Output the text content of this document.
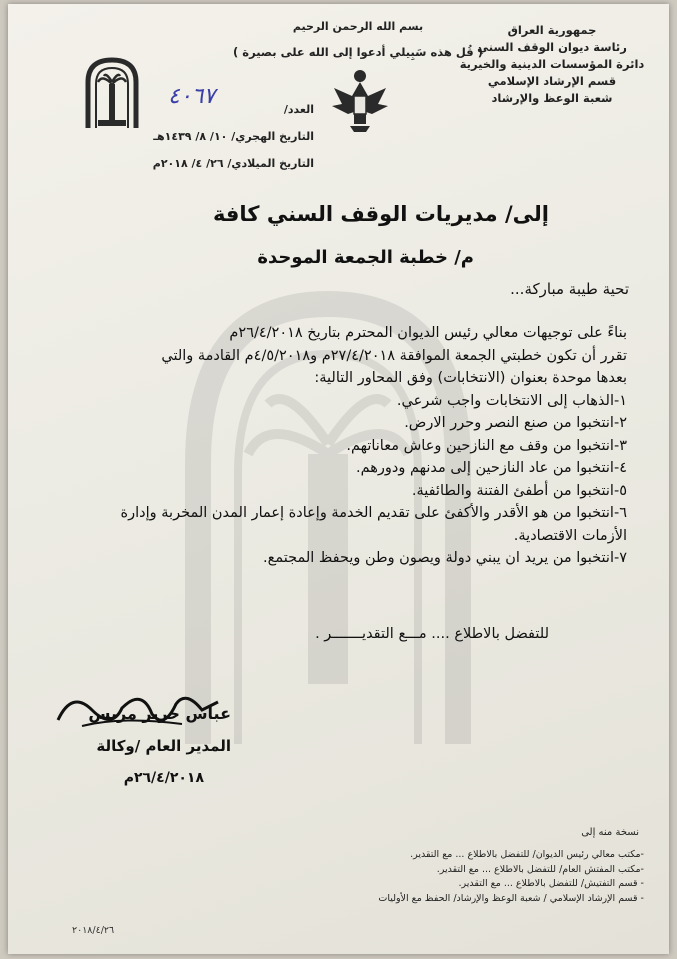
جمهورية العراق
رئاسة ديوان الوقف السني
دائرة المؤسسات الدينية والخيرية
قسم الإرشاد الإسلامي
شعبة الوعظ والإرشاد
بسم الله الرحمن الرحيم
( قُل هذه سَبِيلي أدعوا إلى الله على بصيرة )
٤٠٦٧
العدد/
التاريخ الهجري/ ١٠/ ٨/ ١٤٣٩هـ
التاريخ الميلادي/ ٢٦/ ٤/ ٢٠١٨م
إلى/ مديريات الوقف السني كافة
م/ خطبة الجمعة الموحدة
تحية طيبة مباركة...
بناءً على توجيهات معالي رئيس الديوان المحترم بتاريخ ٢٦/٤/٢٠١٨م
تقرر أن تكون خطبتي الجمعة الموافقة ٢٧/٤/٢٠١٨م و٤/٥/٢٠١٨م القادمة والتي
بعدها موحدة بعنوان (الانتخابات) وفق المحاور التالية:
١-الذهاب إلى الانتخابات واجب شرعي.
٢-انتخبوا من صنع النصر وحرر الارض.
٣-انتخبوا من وقف مع النازحين وعاش معاناتهم.
٤-انتخبوا من عاد النازحين إلى مدنهم ودورهم.
٥-انتخبوا من أطفئ الفتنة والطائفية.
٦-انتخبوا من هو الأقدر والأكفئ على تقديم الخدمة وإعادة إعمار المدن المخربة وإدارة
الأزمات الاقتصادية.
٧-انتخبوا من يريد ان يبني دولة ويصون وطن ويحفظ المجتمع.
للتفضل بالاطلاع .... مـــع التقديـــــــر .
عباس حرير مريس
المدير العام /وكالة
٢٦/٤/٢٠١٨م
نسخة منه إلى
-مكتب معالي رئيس الديوان/ للتفضل بالاطلاع ... مع التقدير.
-مكتب المفتش العام/ للتفضل بالاطلاع ... مع التقدير.
- قسم التفتيش/ للتفضل بالاطلاع ... مع التقدير.
- قسم الإرشاد الإسلامي / شعبة الوعظ والإرشاد/ الحفظ مع الأوليات
٢٠١٨/٤/٢٦
